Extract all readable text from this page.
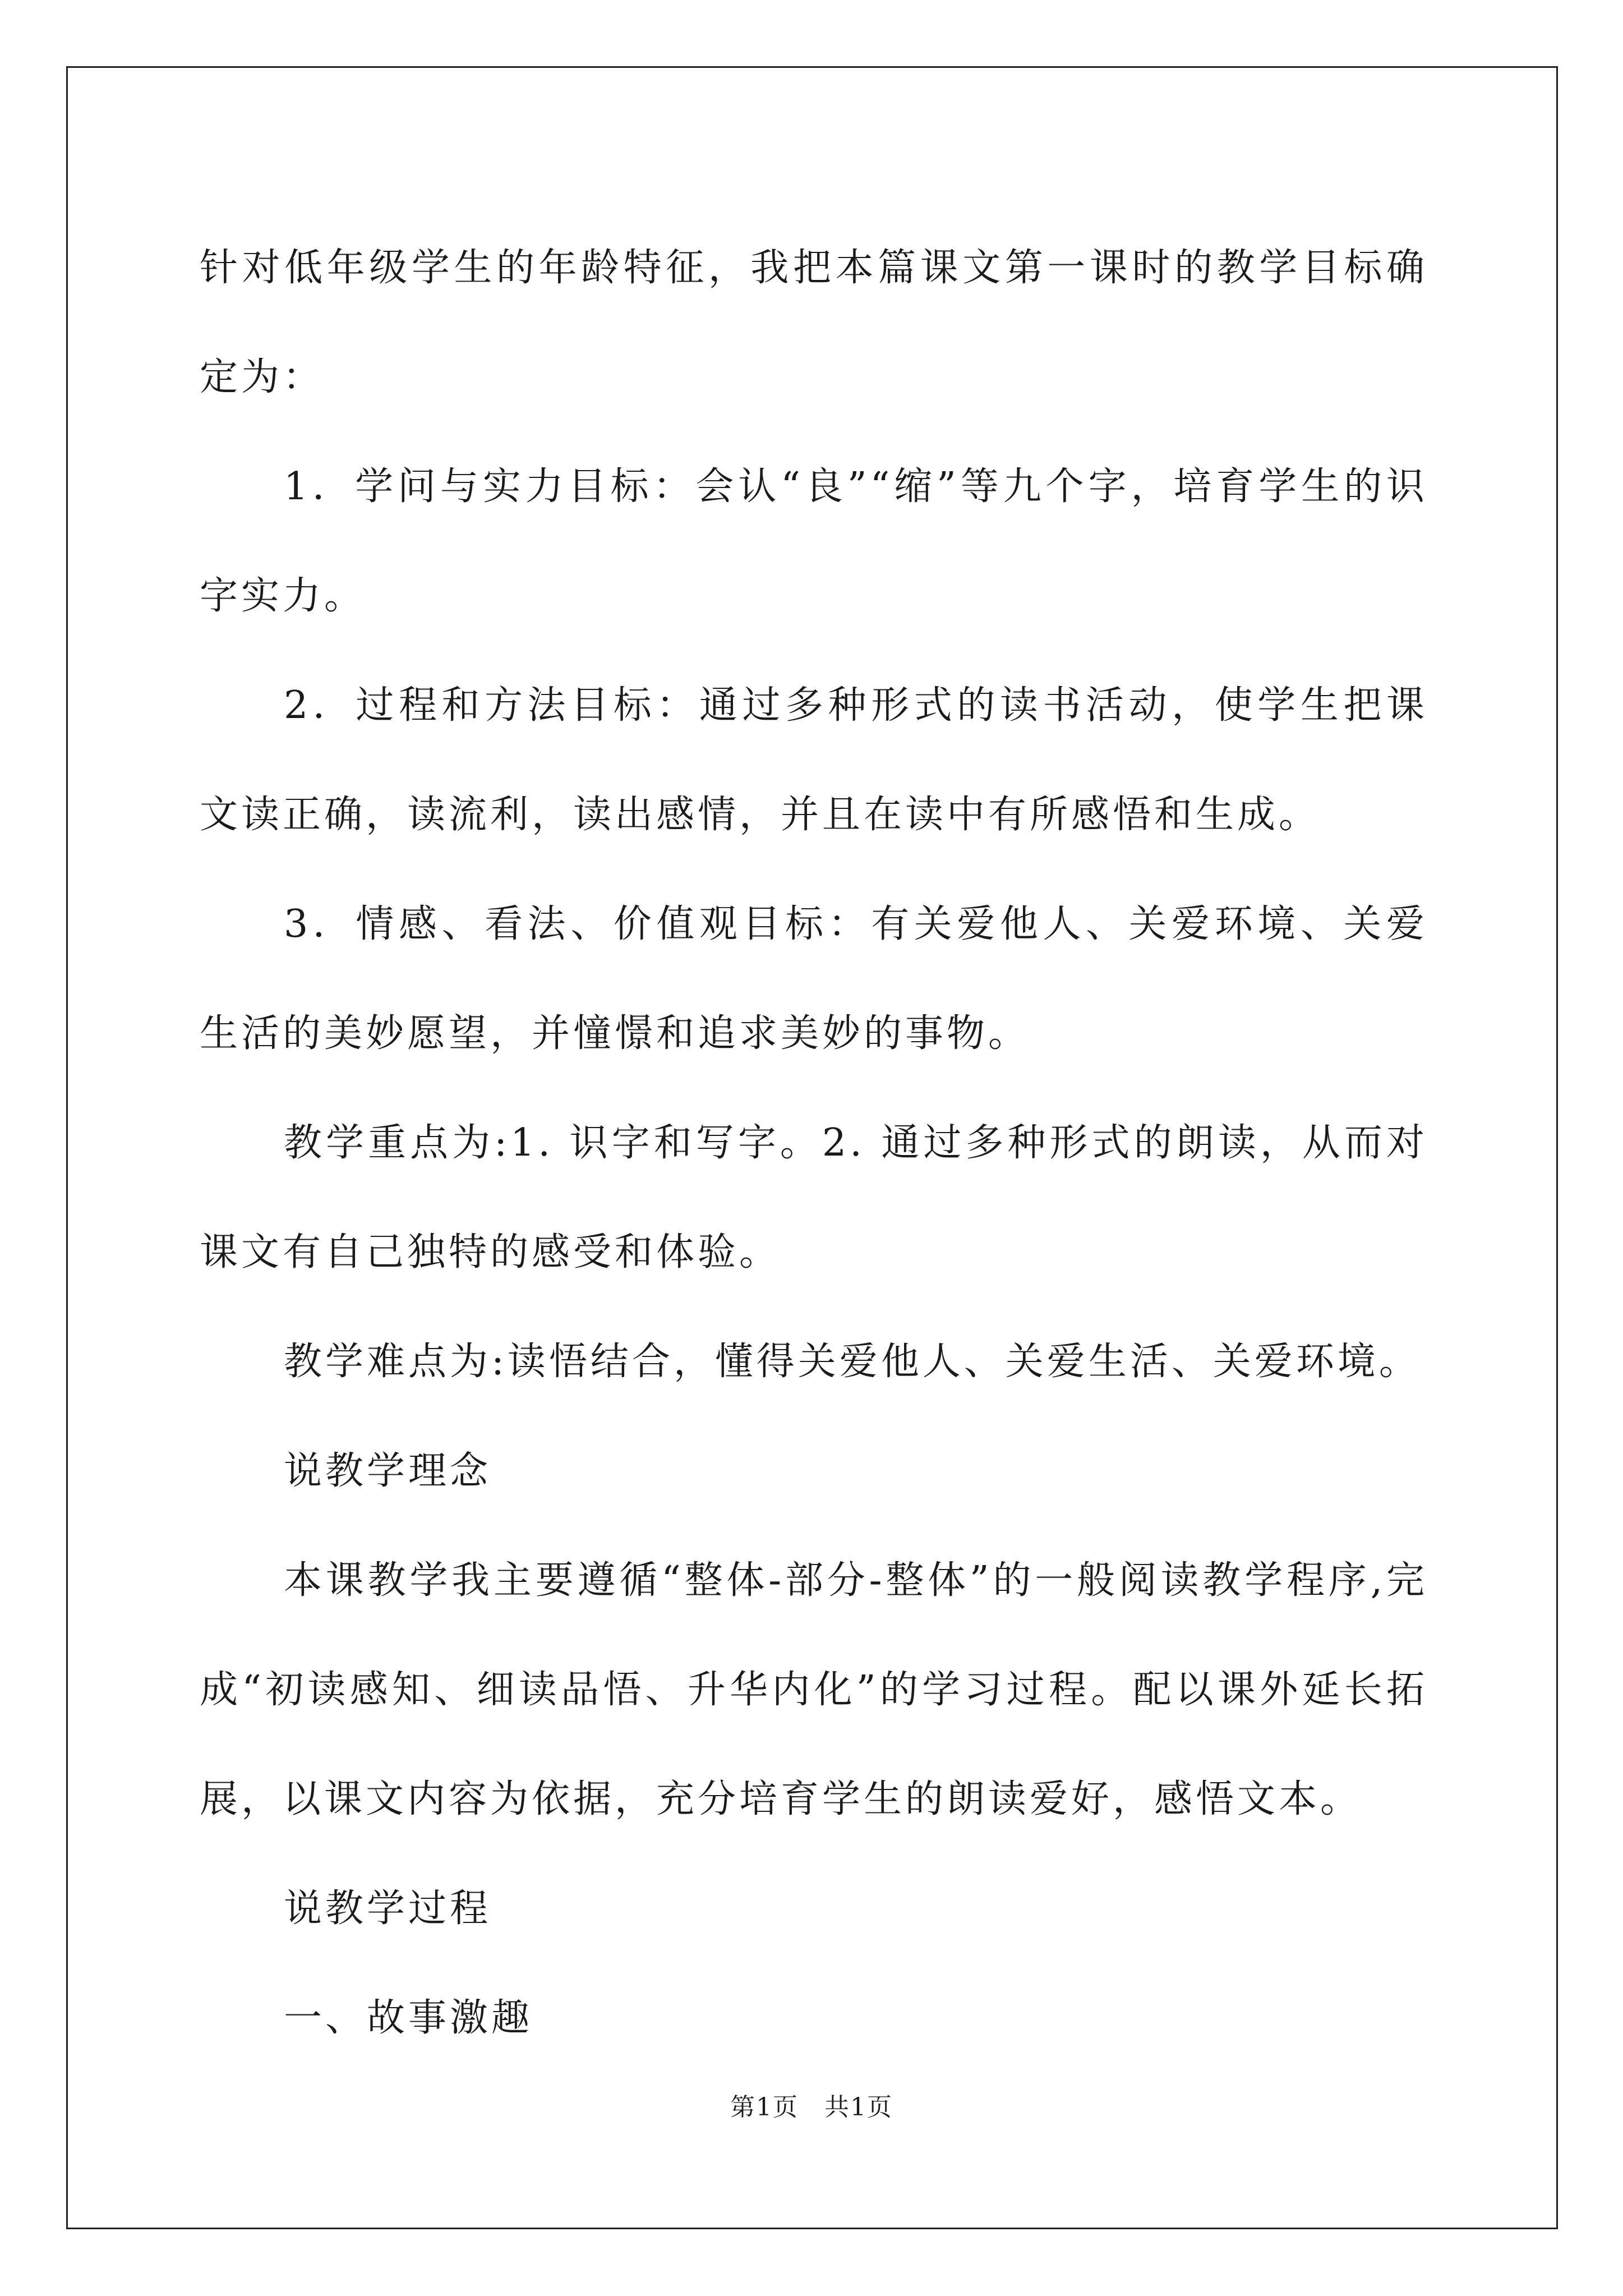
针对低年级学生的年龄特征，我把本篇课文第一课时的教学目标确定为：

1．学问与实力目标：会认“良”“缩”等九个字，培育学生的识字实力。

2．过程和方法目标：通过多种形式的读书活动，使学生把课文读正确，读流利，读出感情，并且在读中有所感悟和生成。

3．情感、看法、价值观目标：有关爱他人、关爱环境、关爱生活的美妙愿望，并憧憬和追求美妙的事物。

教学重点为:1. 识字和写字。2. 通过多种形式的朗读，从而对课文有自己独特的感受和体验。

教学难点为:读悟结合，懂得关爱他人、关爱生活、关爱环境。

说教学理念

本课教学我主要遵循“整体-部分-整体”的一般阅读教学程序,完成“初读感知、细读品悟、升华内化”的学习过程。配以课外延长拓展，以课文内容为依据，充分培育学生的朗读爱好，感悟文本。

说教学过程

一、故事激趣

第1页　共1页
